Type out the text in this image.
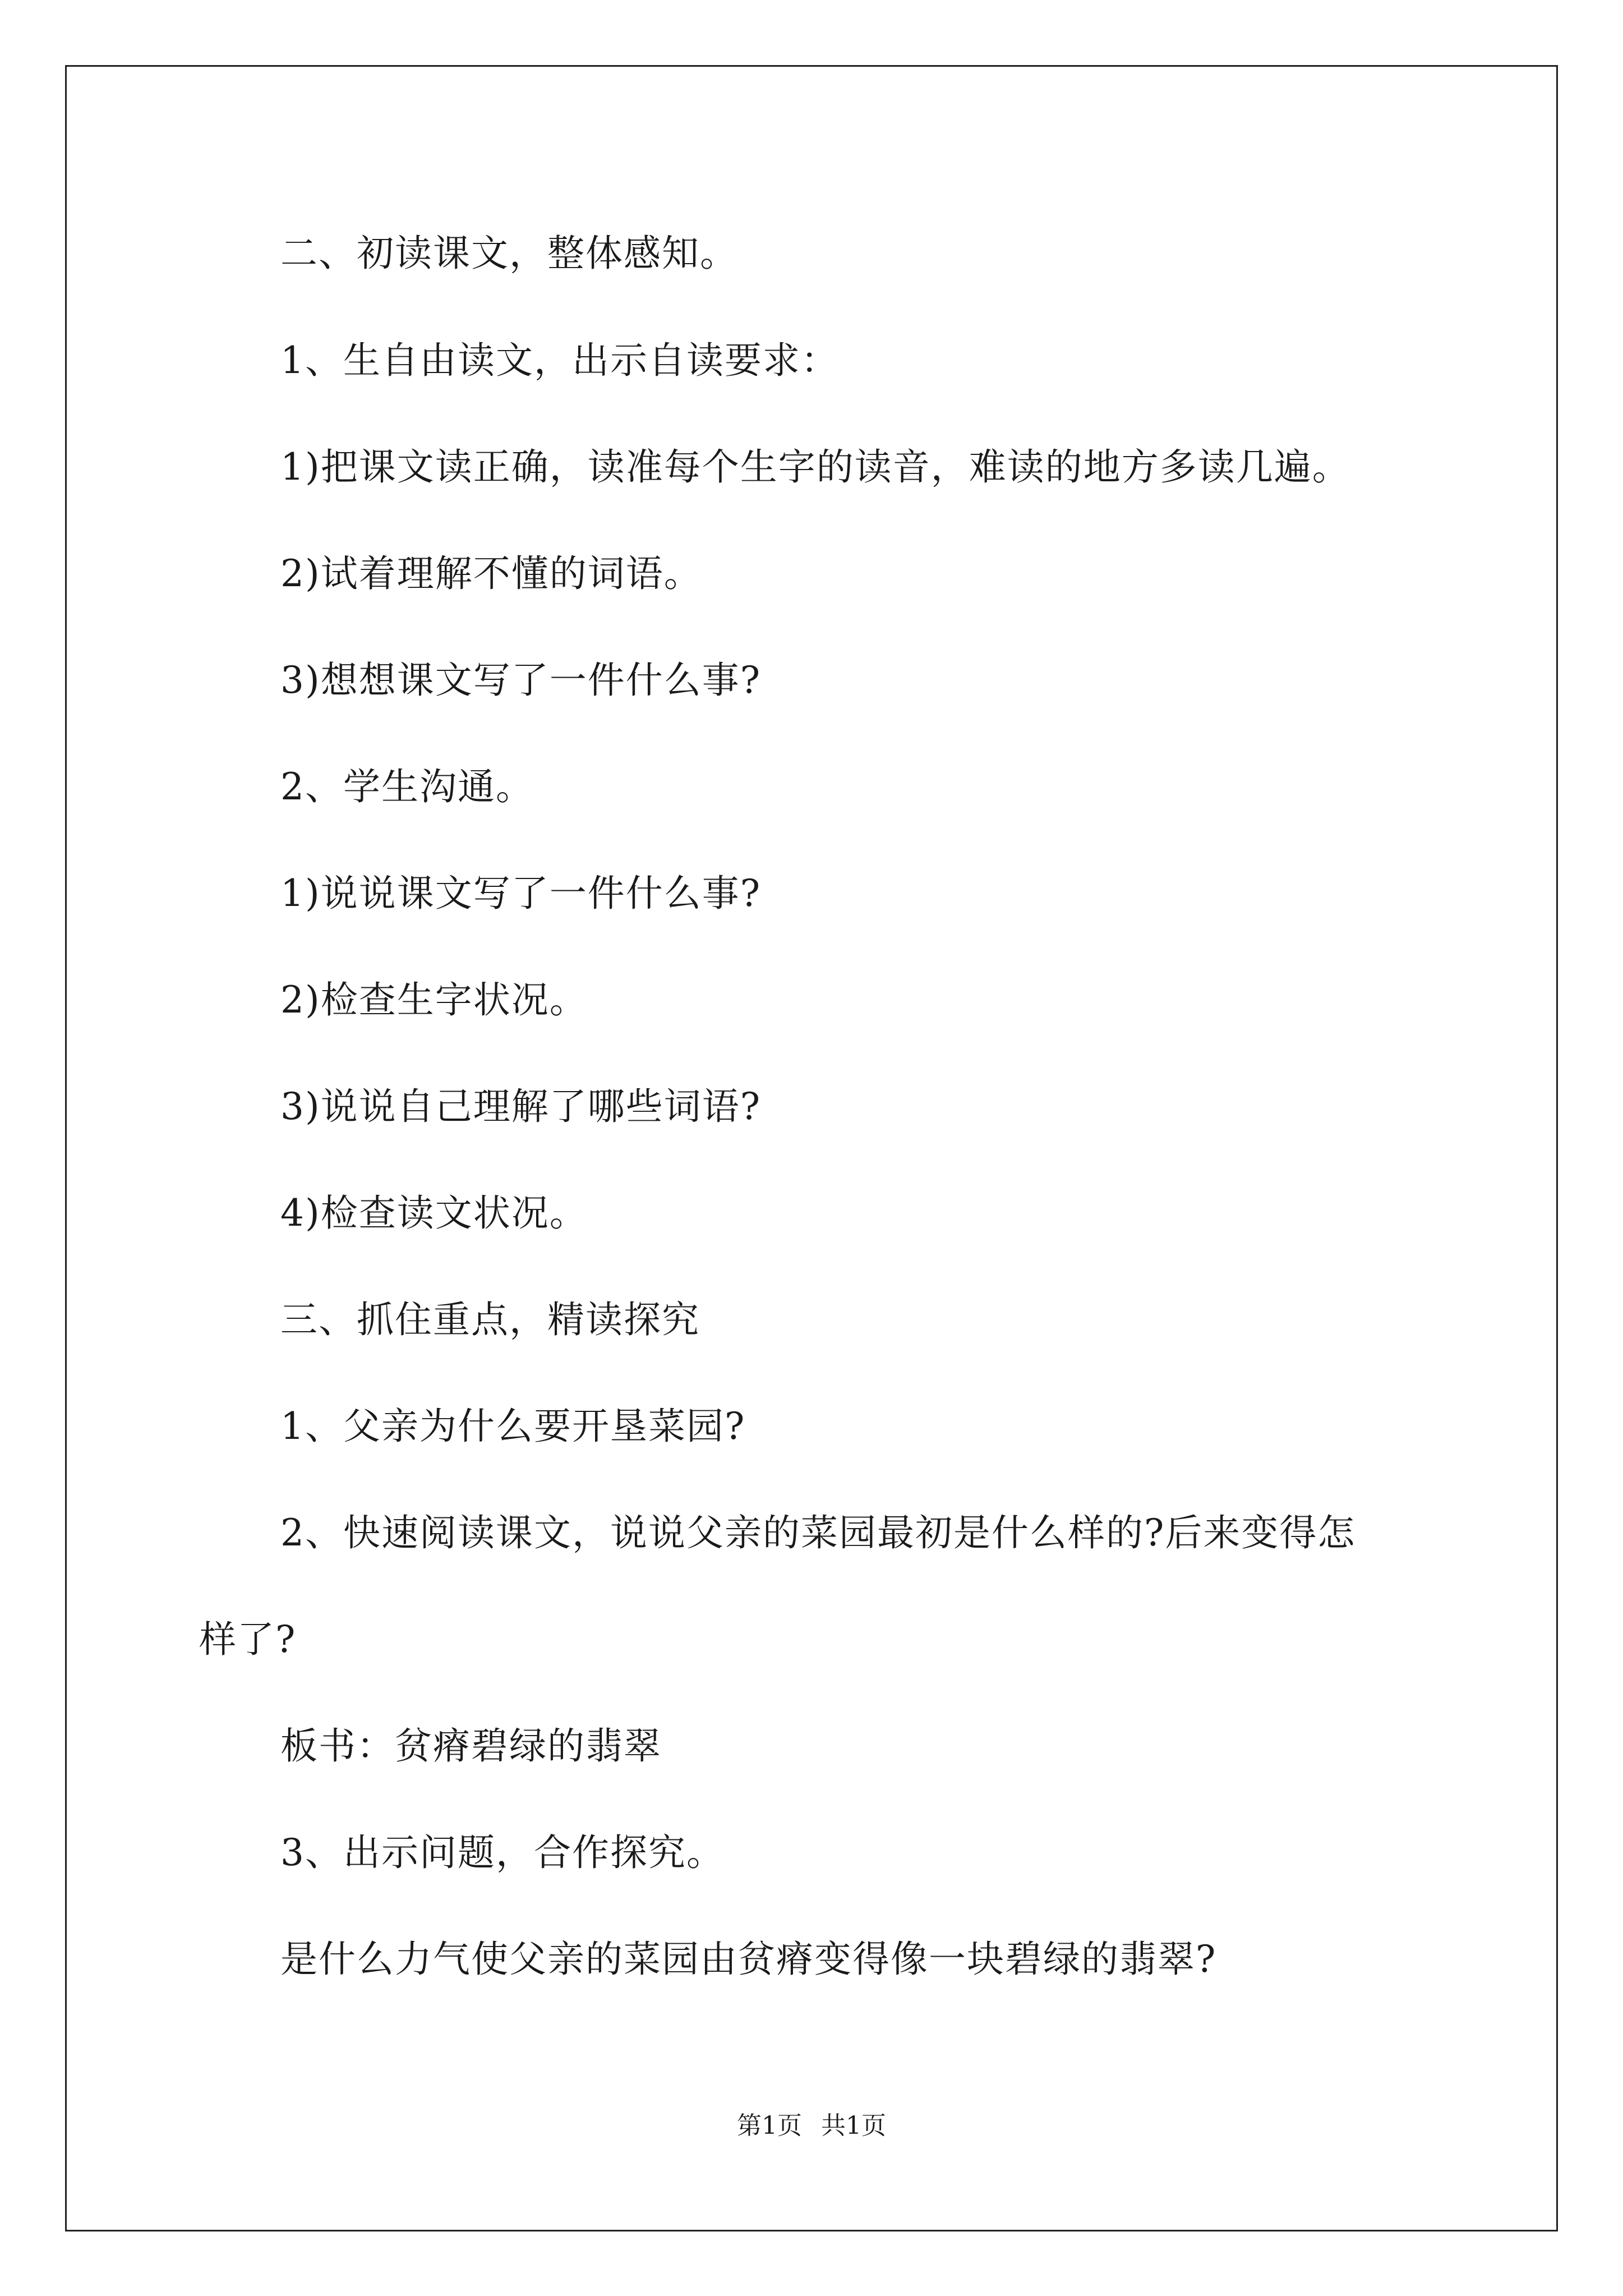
二、初读课文，整体感知。
1、生自由读文，出示自读要求：
1)把课文读正确，读准每个生字的读音，难读的地方多读几遍。
2)试着理解不懂的词语。
3)想想课文写了一件什么事?
2、学生沟通。
1)说说课文写了一件什么事?
2)检查生字状况。
3)说说自己理解了哪些词语?
4)检查读文状况。
三、抓住重点，精读探究
1、父亲为什么要开垦菜园?
2、快速阅读课文，说说父亲的菜园最初是什么样的?后来变得怎
样了?
板书：贫瘠碧绿的翡翠
3、出示问题，合作探究。
是什么力气使父亲的菜园由贫瘠变得像一块碧绿的翡翠?
第1页 共1页
